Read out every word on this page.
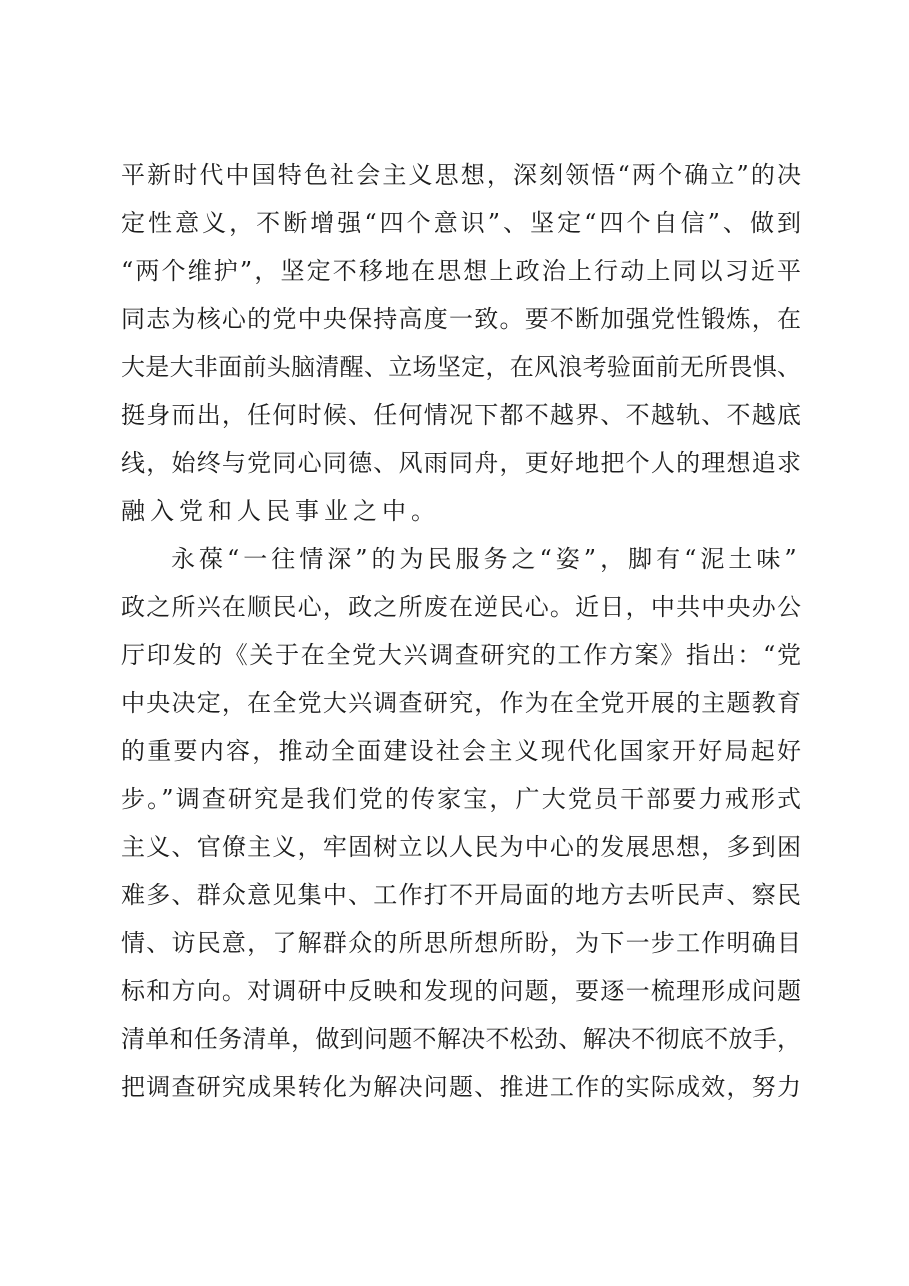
平新时代中国特色社会主义思想，深刻领悟“两个确立”的决
定性意义，不断增强“四个意识”、坚定“四个自信”、做到
“两个维护”，坚定不移地在思想上政治上行动上同以习近平
同志为核心的党中央保持高度一致。要不断加强党性锻炼，在
大是大非面前头脑清醒、立场坚定，在风浪考验面前无所畏惧、
挺身而出，任何时候、任何情况下都不越界、不越轨、不越底
线，始终与党同心同德、风雨同舟，更好地把个人的理想追求
融入党和人民事业之中。
永葆“一往情深”的为民服务之“姿”，脚有“泥土味”
政之所兴在顺民心，政之所废在逆民心。近日，中共中央办公
厅印发的《关于在全党大兴调查研究的工作方案》指出：“党
中央决定，在全党大兴调查研究，作为在全党开展的主题教育
的重要内容，推动全面建设社会主义现代化国家开好局起好
步。”调查研究是我们党的传家宝，广大党员干部要力戒形式
主义、官僚主义，牢固树立以人民为中心的发展思想，多到困
难多、群众意见集中、工作打不开局面的地方去听民声、察民
情、访民意，了解群众的所思所想所盼，为下一步工作明确目
标和方向。对调研中反映和发现的问题，要逐一梳理形成问题
清单和任务清单，做到问题不解决不松劲、解决不彻底不放手，
把调查研究成果转化为解决问题、推进工作的实际成效，努力
